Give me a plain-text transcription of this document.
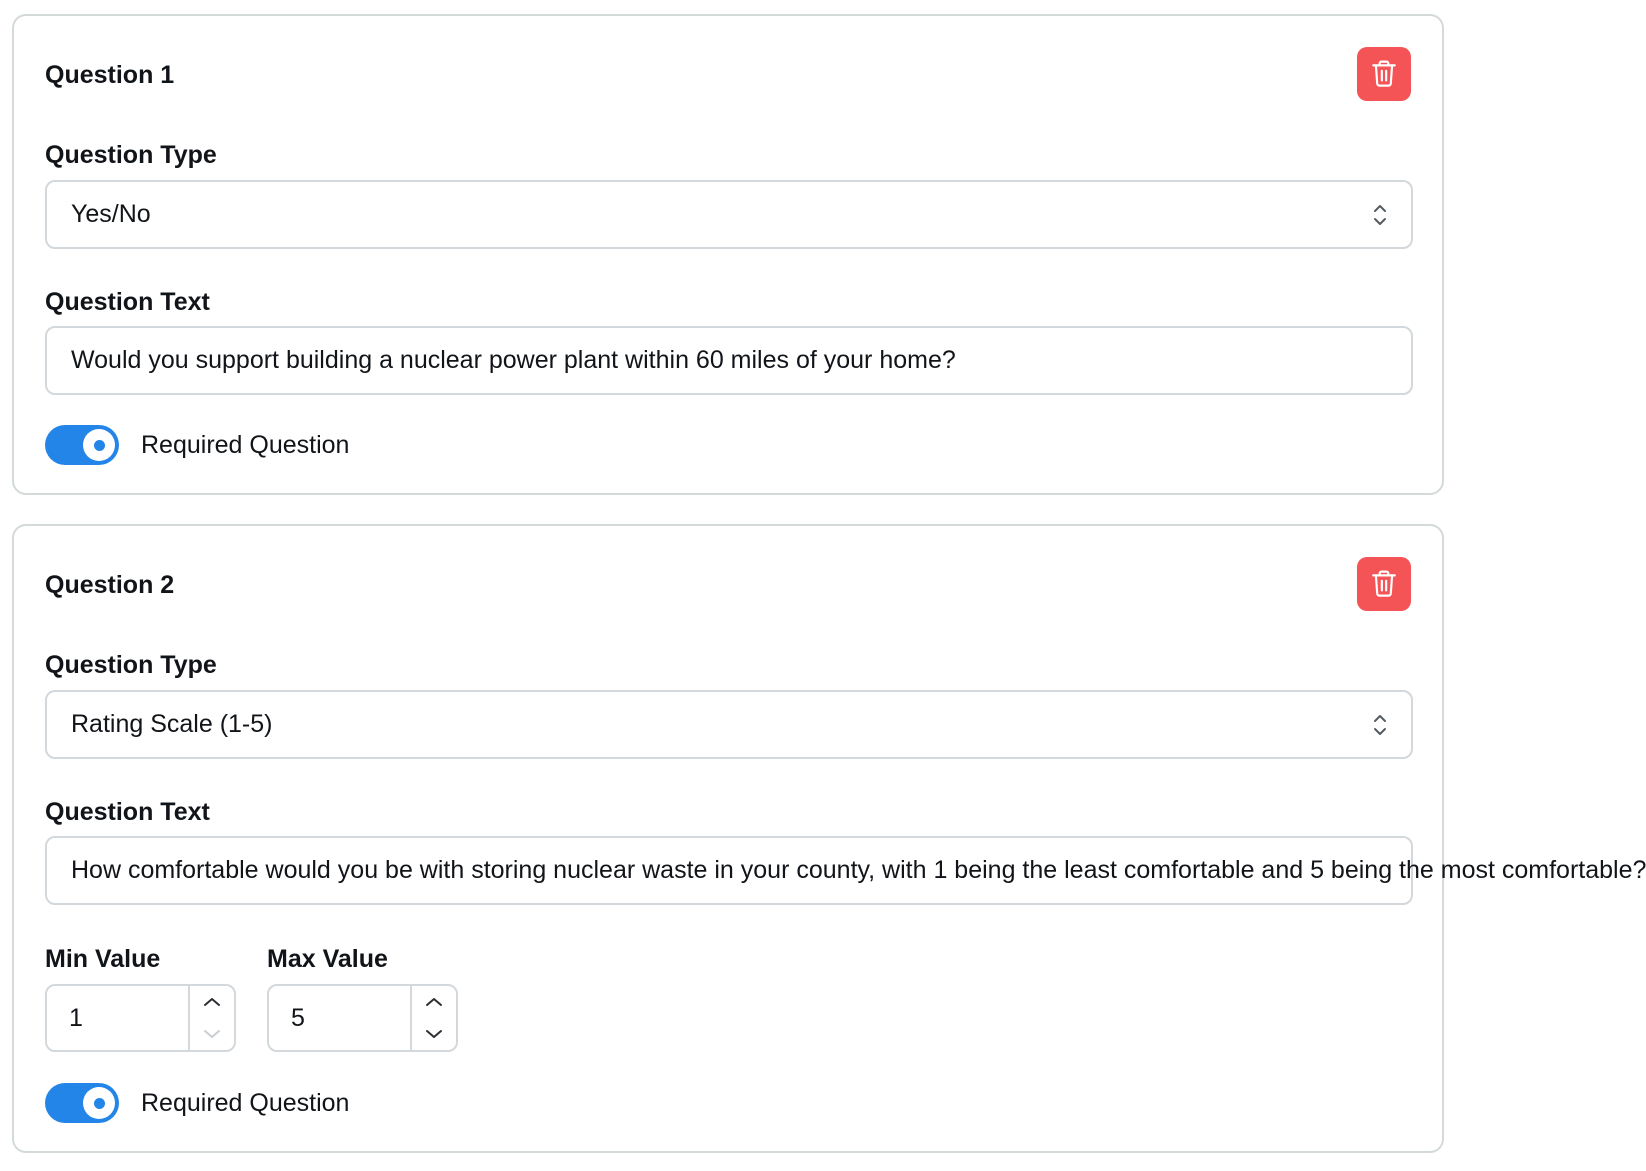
Question 1
Question Type
Yes/No
Question Text
Would you support building a nuclear power plant within 60 miles of your home?
Required Question
Question 2
Question Type
Rating Scale (1-5)
Question Text
How comfortable would you be with storing nuclear waste in your county, with 1 being the least comfortable and 5 being the most comfortable?
Min Value
1
Max Value
5
Required Question
